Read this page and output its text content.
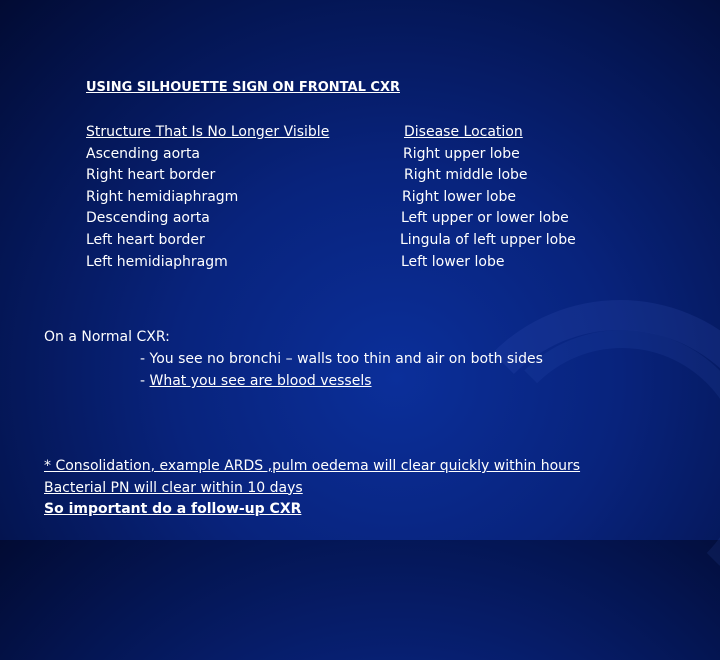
USING SILHOUETTE SIGN ON FRONTAL CXR
Structure That Is No Longer Visible
Ascending aorta
Right heart border
Right hemidiaphragm
Descending aorta
Left heart border
Left hemidiaphragm
Disease Location
Right upper lobe
Right middle lobe
Right lower lobe
Left upper or lower lobe
Lingula of left upper lobe
Left lower lobe
On a Normal CXR:
- You see no bronchi – walls too thin and air on both sides
- What you see are blood vessels
* Consolidation, example ARDS ,pulm oedema will clear quickly within hours
Bacterial PN will clear within 10 days
So important do a follow-up CXR
